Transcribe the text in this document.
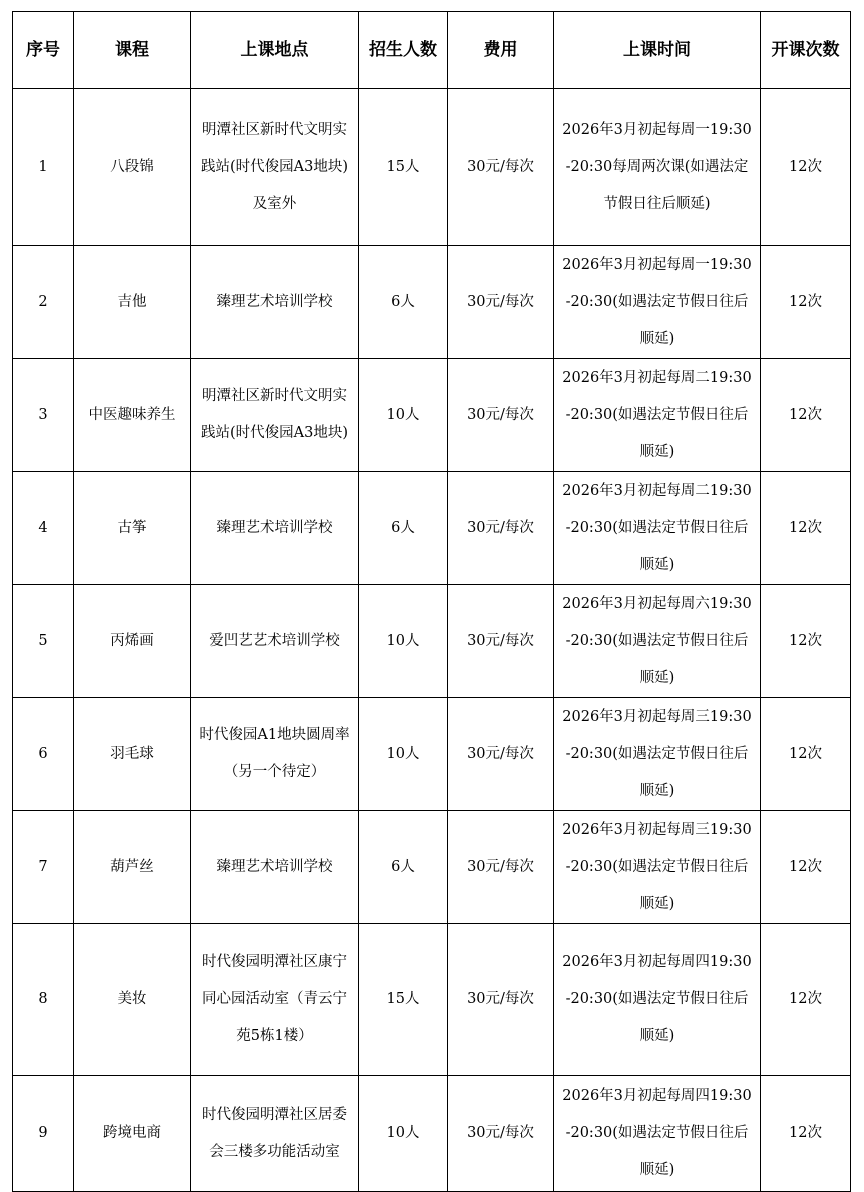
序号	课程	上课地点	招生人数	费用	上课时间	开课次数
1	八段锦	明潭社区新时代文明实践站(时代俊园A3地块)及室外	15人	30元/每次	2026年3月初起每周一19:30-20:30每周两次课(如遇法定节假日往后顺延)	12次
2	吉他	臻理艺术培训学校	6人	30元/每次	2026年3月初起每周一19:30-20:30(如遇法定节假日往后顺延)	12次
3	中医趣味养生	明潭社区新时代文明实践站(时代俊园A3地块)	10人	30元/每次	2026年3月初起每周二19:30-20:30(如遇法定节假日往后顺延)	12次
4	古筝	臻理艺术培训学校	6人	30元/每次	2026年3月初起每周二19:30-20:30(如遇法定节假日往后顺延)	12次
5	丙烯画	爱凹艺艺术培训学校	10人	30元/每次	2026年3月初起每周六19:30-20:30(如遇法定节假日往后顺延)	12次
6	羽毛球	时代俊园A1地块圆周率（另一个待定）	10人	30元/每次	2026年3月初起每周三19:30-20:30(如遇法定节假日往后顺延)	12次
7	葫芦丝	臻理艺术培训学校	6人	30元/每次	2026年3月初起每周三19:30-20:30(如遇法定节假日往后顺延)	12次
8	美妆	时代俊园明潭社区康宁同心园活动室（青云宁苑5栋1楼）	15人	30元/每次	2026年3月初起每周四19:30-20:30(如遇法定节假日往后顺延)	12次
9	跨境电商	时代俊园明潭社区居委会三楼多功能活动室	10人	30元/每次	2026年3月初起每周四19:30-20:30(如遇法定节假日往后顺延)	12次
